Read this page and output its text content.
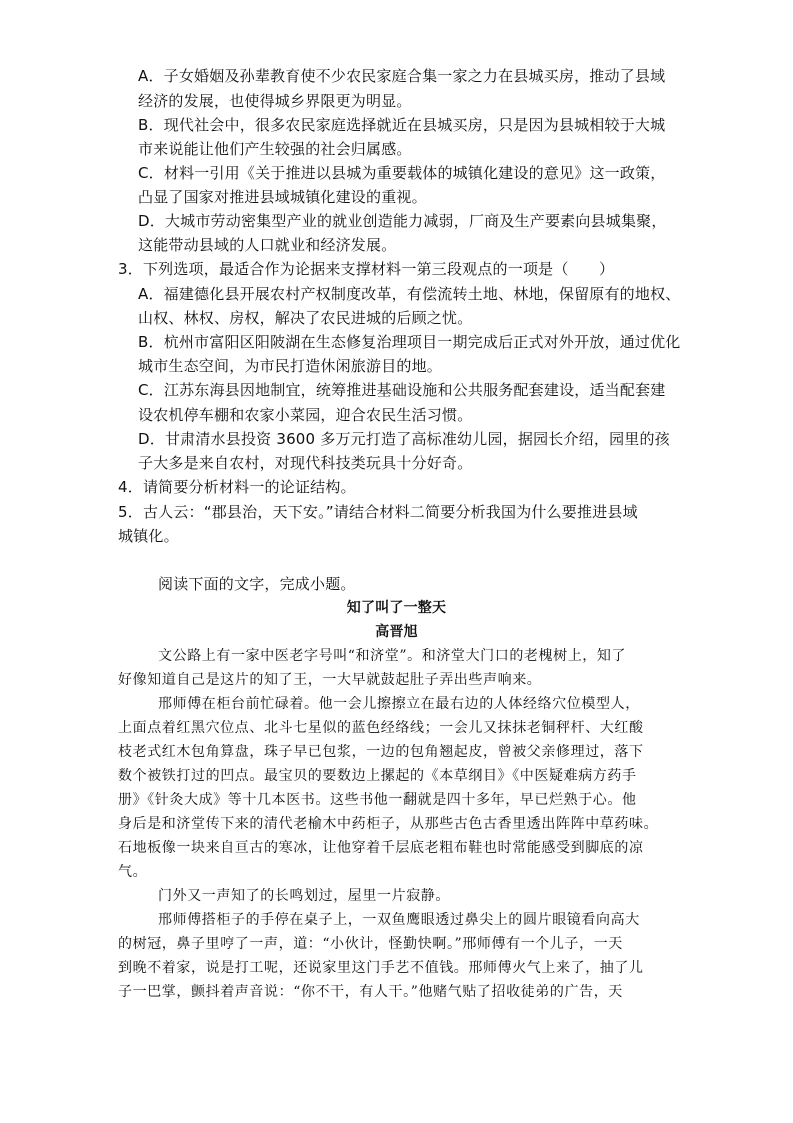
A．子女婚姻及孙辈教育使不少农民家庭合集一家之力在县城买房，推动了县域
经济的发展，也使得城乡界限更为明显。
B．现代社会中，很多农民家庭选择就近在县城买房，只是因为县城相较于大城
市来说能让他们产生较强的社会归属感。
C．材料一引用《关于推进以县城为重要载体的城镇化建设的意见》这一政策，
凸显了国家对推进县域城镇化建设的重视。
D．大城市劳动密集型产业的就业创造能力减弱，厂商及生产要素向县城集聚，
这能带动县域的人口就业和经济发展。
3．下列选项，最适合作为论据来支撑材料一第三段观点的一项是（　　）
A．福建德化县开展农村产权制度改革，有偿流转土地、林地，保留原有的地权、
山权、林权、房权，解决了农民进城的后顾之忧。
B．杭州市富阳区阳陂湖在生态修复治理项目一期完成后正式对外开放，通过优化
城市生态空间，为市民打造休闲旅游目的地。
C．江苏东海县因地制宜，统筹推进基础设施和公共服务配套建设，适当配套建
设农机停车棚和农家小菜园，迎合农民生活习惯。
D．甘肃清水县投资 3600 多万元打造了高标准幼儿园，据园长介绍，园里的孩
子大多是来自农村，对现代科技类玩具十分好奇。
4．请简要分析材料一的论证结构。
5．古人云：“郡县治，天下安。”请结合材料二简要分析我国为什么要推进县域
城镇化。
阅读下面的文字，完成小题。
知了叫了一整天
高晋旭
文公路上有一家中医老字号叫“和济堂”。和济堂大门口的老槐树上，知了
好像知道自己是这片的知了王，一大早就鼓起肚子弄出些声响来。
邢师傅在柜台前忙碌着。他一会儿擦擦立在最右边的人体经络穴位模型人，
上面点着红黑穴位点、北斗七星似的蓝色经络线；一会儿又抹抹老铜秤杆、大红酸
枝老式红木包角算盘，珠子早已包浆，一边的包角翘起皮，曾被父亲修理过，落下
数个被铁打过的凹点。最宝贝的要数边上摞起的《本草纲目》《中医疑难病方药手
册》《针灸大成》等十几本医书。这些书他一翻就是四十多年，早已烂熟于心。他
身后是和济堂传下来的清代老榆木中药柜子，从那些古色古香里透出阵阵中草药味。
石地板像一块来自亘古的寒冰，让他穿着千层底老粗布鞋也时常能感受到脚底的凉
气。
门外又一声知了的长鸣划过，屋里一片寂静。
邢师傅搭柜子的手停在桌子上，一双鱼鹰眼透过鼻尖上的圆片眼镜看向高大
的树冠，鼻子里哼了一声，道：“小伙计，怪勤快啊。”邢师傅有一个儿子，一天
到晚不着家，说是打工呢，还说家里这门手艺不值钱。邢师傅火气上来了，抽了儿
子一巴掌，颤抖着声音说：“你不干，有人干。”他赌气贴了招收徒弟的广告，天
